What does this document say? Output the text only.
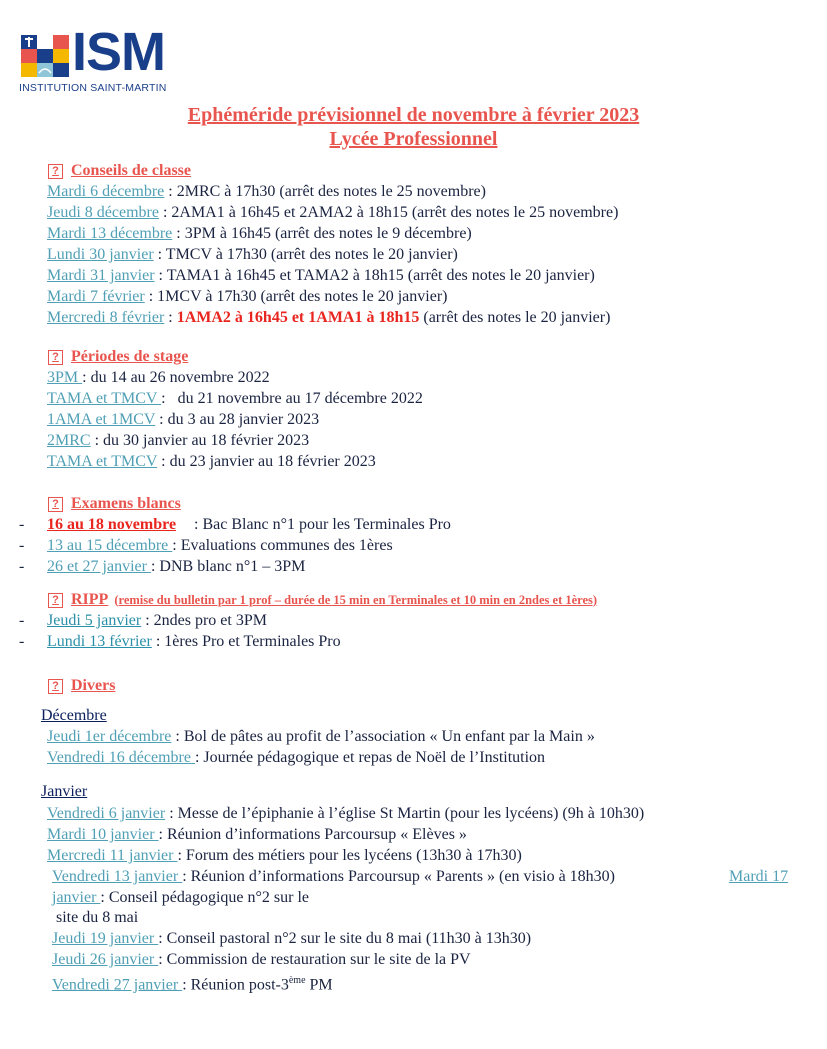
ISM
INSTITUTION SAINT-MARTIN
Ephéméride prévisionnel de novembre à février 2023
Lycée Professionnel
? Conseils de classe
Mardi 6 décembre : 2MRC à 17h30 (arrêt des notes le 25 novembre)
Jeudi 8 décembre : 2AMA1 à 16h45 et 2AMA2 à 18h15 (arrêt des notes le 25 novembre)
Mardi 13 décembre : 3PM à 16h45 (arrêt des notes le 9 décembre)
Lundi 30 janvier : TMCV à 17h30 (arrêt des notes le 20 janvier)
Mardi 31 janvier : TAMA1 à 16h45 et TAMA2 à 18h15 (arrêt des notes le 20 janvier)
Mardi 7 février : 1MCV à 17h30 (arrêt des notes le 20 janvier)
Mercredi 8 février : 1AMA2 à 16h45 et 1AMA1 à 18h15 (arrêt des notes le 20 janvier)
? Périodes de stage
3PM : du 14 au 26 novembre 2022
TAMA et TMCV :   du 21 novembre au 17 décembre 2022
1AMA et 1MCV : du 3 au 28 janvier 2023
2MRC : du 30 janvier au 18 février 2023
TAMA et TMCV : du 23 janvier au 18 février 2023
? Examens blancs
- 16 au 18 novembre : Bac Blanc n°1 pour les Terminales Pro
- 13 au 15 décembre : Evaluations communes des 1ères
- 26 et 27 janvier : DNB blanc n°1 – 3PM
? RIPP (remise du bulletin par 1 prof – durée de 15 min en Terminales et 10 min en 2ndes et 1ères)
- Jeudi 5 janvier : 2ndes pro et 3PM
- Lundi 13 février : 1ères Pro et Terminales Pro
? Divers
Décembre
Jeudi 1er décembre : Bol de pâtes au profit de l’association « Un enfant par la Main »
Vendredi 16 décembre : Journée pédagogique et repas de Noël de l’Institution
Janvier
Vendredi 6 janvier : Messe de l’épiphanie à l’église St Martin (pour les lycéens) (9h à 10h30)
Mardi 10 janvier : Réunion d’informations Parcoursup « Elèves »
Mercredi 11 janvier : Forum des métiers pour les lycéens (13h30 à 17h30)
Vendredi 13 janvier : Réunion d’informations Parcoursup « Parents » (en visio à 18h30)	Mardi 17
janvier : Conseil pédagogique n°2 sur le
site du 8 mai
Jeudi 19 janvier : Conseil pastoral n°2 sur le site du 8 mai (11h30 à 13h30)
Jeudi 26 janvier : Commission de restauration sur le site de la PV
Vendredi 27 janvier : Réunion post-3ème PM
